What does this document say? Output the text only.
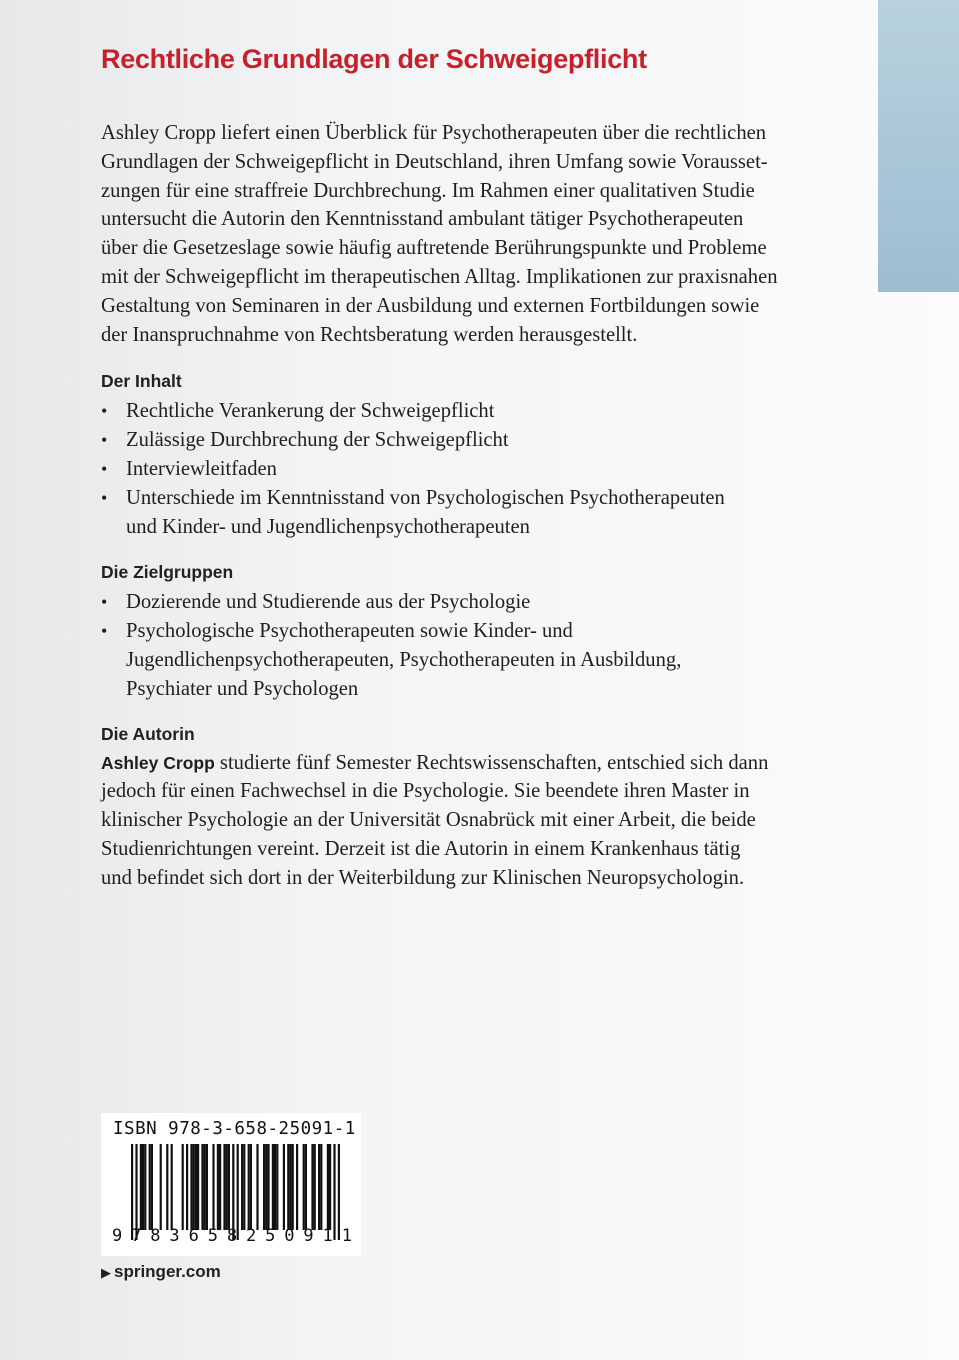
Rechtliche Grundlagen der Schweigepflicht

Ashley Cropp liefert einen Überblick für Psychotherapeuten über die rechtlichen
Grundlagen der Schweigepflicht in Deutschland, ihren Umfang sowie Vorausset-
zungen für eine straffreie Durchbrechung. Im Rahmen einer qualitativen Studie
untersucht die Autorin den Kenntnisstand ambulant tätiger Psychotherapeuten
über die Gesetzeslage sowie häufig auftretende Berührungspunkte und Probleme
mit der Schweigepflicht im therapeutischen Alltag. Implikationen zur praxisnahen
Gestaltung von Seminaren in der Ausbildung und externen Fortbildungen sowie
der Inanspruchnahme von Rechtsberatung werden herausgestellt.

Der Inhalt
• Rechtliche Verankerung der Schweigepflicht
• Zulässige Durchbrechung der Schweigepflicht
• Interviewleitfaden
• Unterschiede im Kenntnisstand von Psychologischen Psychotherapeuten
und Kinder- und Jugendlichenpsychotherapeuten
Die Zielgruppen
• Dozierende und Studierende aus der Psychologie
• Psychologische Psychotherapeuten sowie Kinder- und
Jugendlichenpsychotherapeuten, Psychotherapeuten in Ausbildung,
Psychiater und Psychologen
Die Autorin

Ashley Cropp studierte fünf Semester Rechtswissenschaften, entschied sich dann
jedoch für einen Fachwechsel in die Psychologie. Sie beendete ihren Master in
klinischer Psychologie an der Universität Osnabrück mit einer Arbeit, die beide
Studienrichtungen vereint. Derzeit ist die Autorin in einem Krankenhaus tätig
und befindet sich dort in der Weiterbildung zur Klinischen Neuropsychologin.

ISBN 978-3-658-25091-1
9 7 8 3 6 5 8 2 5 0 9 1 1
▶ springer.com
